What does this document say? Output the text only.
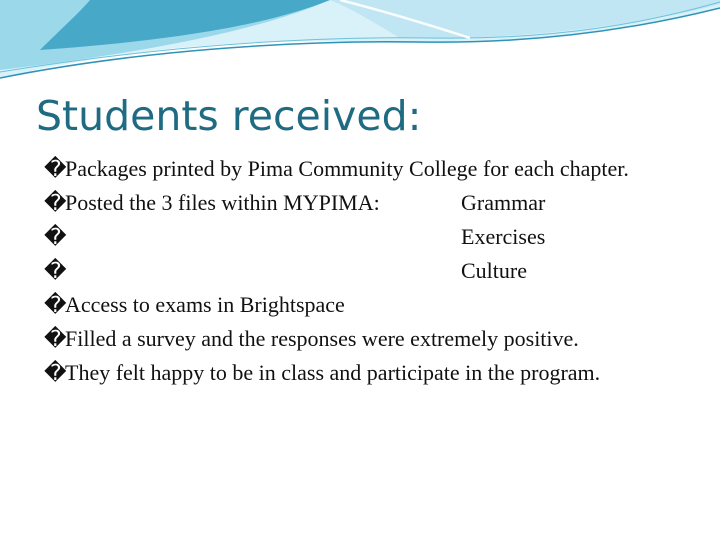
Students received:
�
Packages printed by Pima Community College for each chapter.
�
Posted the 3 files within MYPIMA:	Grammar
�	Exercises
�	Culture
�
Access to exams in Brightspace
�
Filled a survey and the responses were extremely positive.
�
They felt happy to be in class and participate in the program.
